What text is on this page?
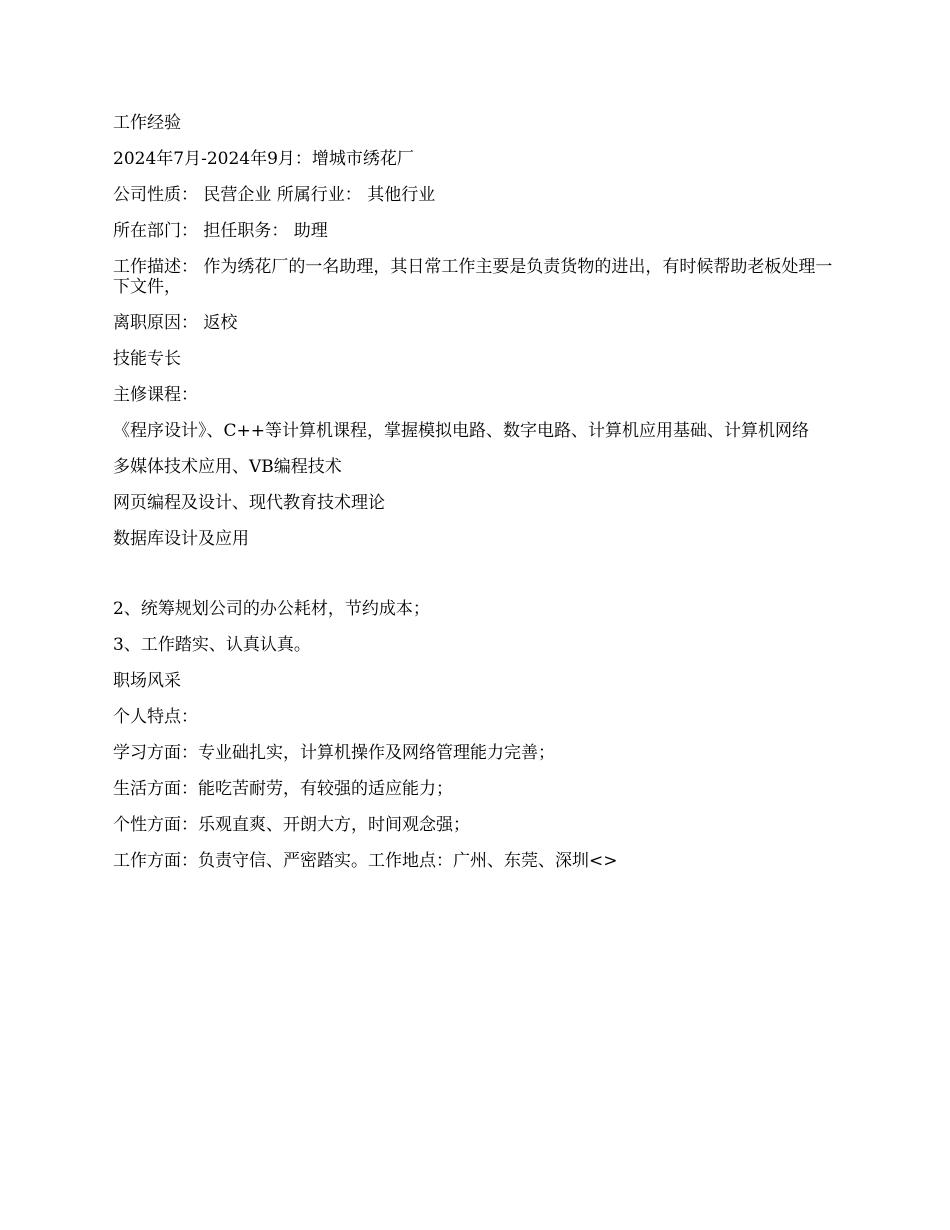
工作经验

2024年7月-2024年9月：增城市绣花厂

公司性质： 民营企业 所属行业： 其他行业

所在部门： 担任职务： 助理

工作描述： 作为绣花厂的一名助理，其日常工作主要是负责货物的进出，有时候帮助老板处理一下文件，

离职原因： 返校

技能专长

主修课程：

《程序设计》、C++等计算机课程，掌握模拟电路、数字电路、计算机应用基础、计算机网络

多媒体技术应用、VB编程技术

网页编程及设计、现代教育技术理论

数据库设计及应用

2、统筹规划公司的办公耗材，节约成本；

3、工作踏实、认真认真。

职场风采

个人特点：

学习方面：专业础扎实，计算机操作及网络管理能力完善；

生活方面：能吃苦耐劳，有较强的适应能力；

个性方面：乐观直爽、开朗大方，时间观念强；

工作方面：负责守信、严密踏实。工作地点：广州、东莞、深圳<>
